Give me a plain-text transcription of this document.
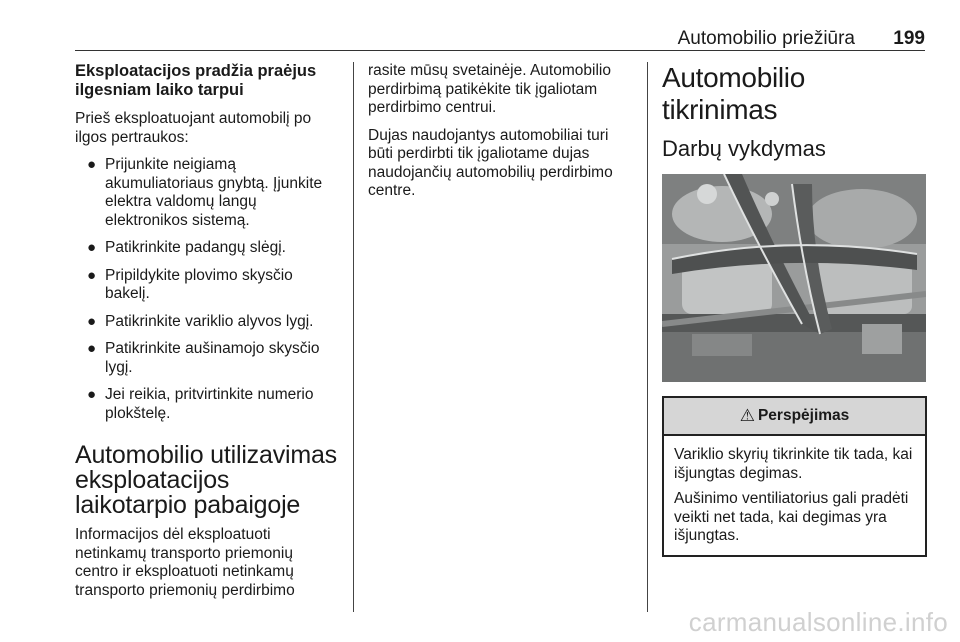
Automobilio priežiūra 199
Eksploatacijos pradžia praėjus ilgesniam laiko tarpui

Prieš eksploatuojant automobilį po ilgos pertraukos:

● Prijunkite neigiamą akumuliatoriaus gnybtą. Įjunkite elektra valdomų langų elektronikos sistemą.
● Patikrinkite padangų slėgį.
● Pripildykite plovimo skysčio bakelį.
● Patikrinkite variklio alyvos lygį.
● Patikrinkite aušinamojo skysčio lygį.
● Jei reikia, pritvirtinkite numerio plokštelę.
Automobilio utilizavimas eksploatacijos laikotarpio pabaigoje

Informacijos dėl eksploatuoti netinkamų transporto priemonių centro ir eksploatuoti netinkamų transporto priemonių perdirbimo

rasite mūsų svetainėje. Automobilio perdirbimą patikėkite tik įgaliotam perdirbimo centrui.

Dujas naudojantys automobiliai turi būti perdirbti tik įgaliotame dujas naudojančių automobilių perdirbimo centre.

Automobilio tikrinimas
Darbų vykdymas
⚠ Perspėjimas

Variklio skyrių tikrinkite tik tada, kai išjungtas degimas.

Aušinimo ventiliatorius gali pradėti veikti net tada, kai degimas yra išjungtas.

carmanualsonline.info
